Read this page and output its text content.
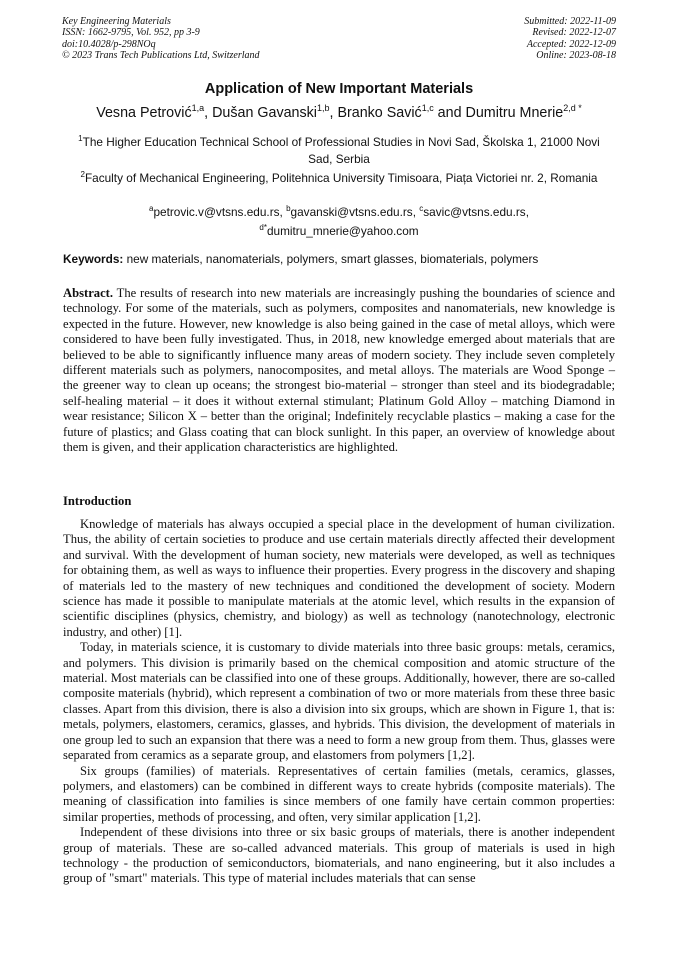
Key Engineering Materials
ISSN: 1662-9795, Vol. 952, pp 3-9
doi:10.4028/p-298NOq
© 2023 Trans Tech Publications Ltd, Switzerland
Submitted: 2022-11-09
Revised: 2022-12-07
Accepted: 2022-12-09
Online: 2023-08-18
Application of New Important Materials
Vesna Petrović$^{1,a}$, Dušan Gavanski$^{1,b}$, Branko Savić$^{1,c}$ and Dumitru Mnerie$^{2,d *}$
$^1$The Higher Education Technical School of Professional Studies in Novi Sad, Školska 1, 21000 Novi Sad, Serbia
$^2$Faculty of Mechanical Engineering, Politehnica University Timisoara, Piața Victoriei nr. 2, Romania
$^a$petrovic.v@vtsns.edu.rs, $^b$gavanski@vtsns.edu.rs, $^c$savic@vtsns.edu.rs,
$^{d*}$dumitru_mnerie@yahoo.com
Keywords: new materials, nanomaterials, polymers, smart glasses, biomaterials, polymers
Abstract. The results of research into new materials are increasingly pushing the boundaries of science and technology. For some of the materials, such as polymers, composites and nanomaterials, new knowledge is expected in the future. However, new knowledge is also being gained in the case of metal alloys, which were considered to have been fully investigated. Thus, in 2018, new knowledge emerged about materials that are believed to be able to significantly influence many areas of modern society. They include seven completely different materials such as polymers, nanocomposites, and metal alloys. The materials are Wood Sponge – the greener way to clean up oceans; the strongest bio-material – stronger than steel and its biodegradable; self-healing material – it does it without external stimulant; Platinum Gold Alloy – matching Diamond in wear resistance; Silicon X – better than the original; Indefinitely recyclable plastics – making a case for the future of plastics; and Glass coating that can block sunlight. In this paper, an overview of knowledge about them is given, and their application characteristics are highlighted.
Introduction

Knowledge of materials has always occupied a special place in the development of human civilization. Thus, the ability of certain societies to produce and use certain materials directly affected their development and survival. With the development of human society, new materials were developed, as well as techniques for obtaining them, as well as ways to influence their properties. Every progress in the discovery and shaping of materials led to the mastery of new techniques and conditioned the development of society. Modern science has made it possible to manipulate materials at the atomic level, which results in the expansion of scientific disciplines (physics, chemistry, and biology) as well as technology (nanotechnology, electronic industry, and other) [1].

Today, in materials science, it is customary to divide materials into three basic groups: metals, ceramics, and polymers. This division is primarily based on the chemical composition and atomic structure of the material. Most materials can be classified into one of these groups. Additionally, however, there are so-called composite materials (hybrid), which represent a combination of two or more materials from these three basic classes. Apart from this division, there is also a division into six groups, which are shown in Figure 1, that is: metals, polymers, elastomers, ceramics, glasses, and hybrids. This division, the development of materials in one group led to such an expansion that there was a need to form a new group from them. Thus, glasses were separated from ceramics as a separate group, and elastomers from polymers [1,2].

Six groups (families) of materials. Representatives of certain families (metals, ceramics, glasses, polymers, and elastomers) can be combined in different ways to create hybrids (composite materials). The meaning of classification into families is since members of one family have certain common properties: similar properties, methods of processing, and often, very similar application [1,2].

Independent of these divisions into three or six basic groups of materials, there is another independent group of materials. These are so-called advanced materials. This group of materials is used in high technology - the production of semiconductors, biomaterials, and nano engineering, but it also includes a group of "smart" materials. This type of material includes materials that can sense
